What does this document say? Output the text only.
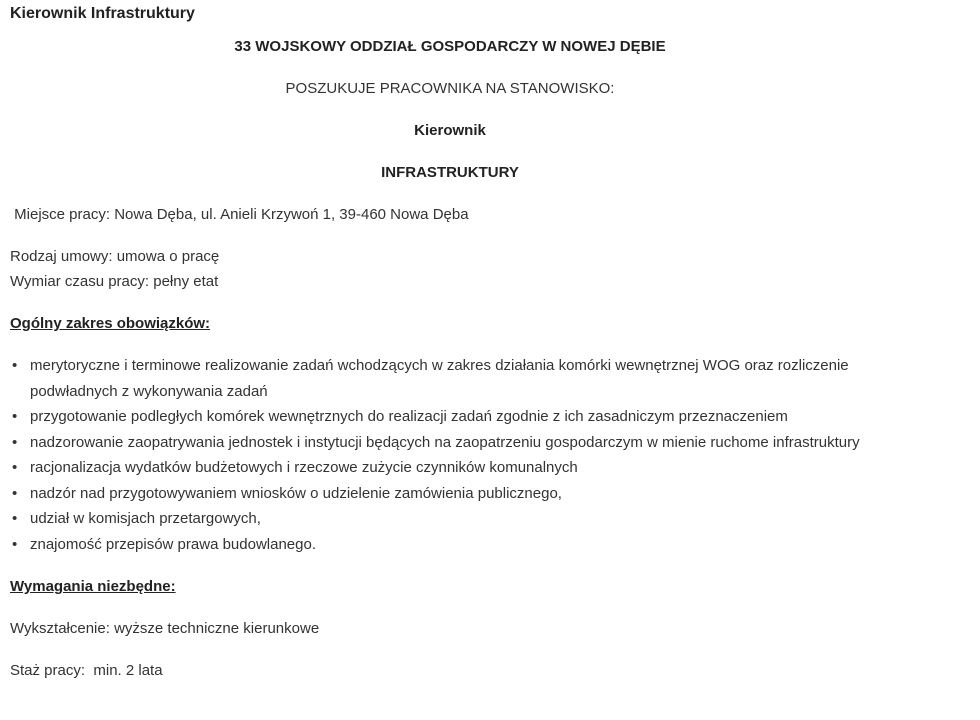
Kierownik Infrastruktury

33 WOJSKOWY ODDZIAŁ GOSPODARCZY W NOWEJ DĘBIE

POSZUKUJE PRACOWNIKA NA STANOWISKO:

Kierownik

INFRASTRUKTURY

Miejsce pracy: Nowa Dęba, ul. Anieli Krzywoń 1, 39-460 Nowa Dęba

Rodzaj umowy: umowa o pracę

Wymiar czasu pracy: pełny etat

Ogólny zakres obowiązków:

• merytoryczne i terminowe realizowanie zadań wchodzących w zakres działania komórki wewnętrznej WOG oraz rozliczenie podwładnych z wykonywania zadań
• przygotowanie podległych komórek wewnętrznych do realizacji zadań zgodnie z ich zasadniczym przeznaczeniem
• nadzorowanie zaopatrywania jednostek i instytucji będących na zaopatrzeniu gospodarczym w mienie ruchome infrastruktury
• racjonalizacja wydatków budżetowych i rzeczowe zużycie czynników komunalnych
• nadzór nad przygotowywaniem wniosków o udzielenie zamówienia publicznego,
• udział w komisjach przetargowych,
• znajomość przepisów prawa budowlanego.

Wymagania niezbędne:

Wykształcenie: wyższe techniczne kierunkowe

Staż pracy:  min. 2 lata
